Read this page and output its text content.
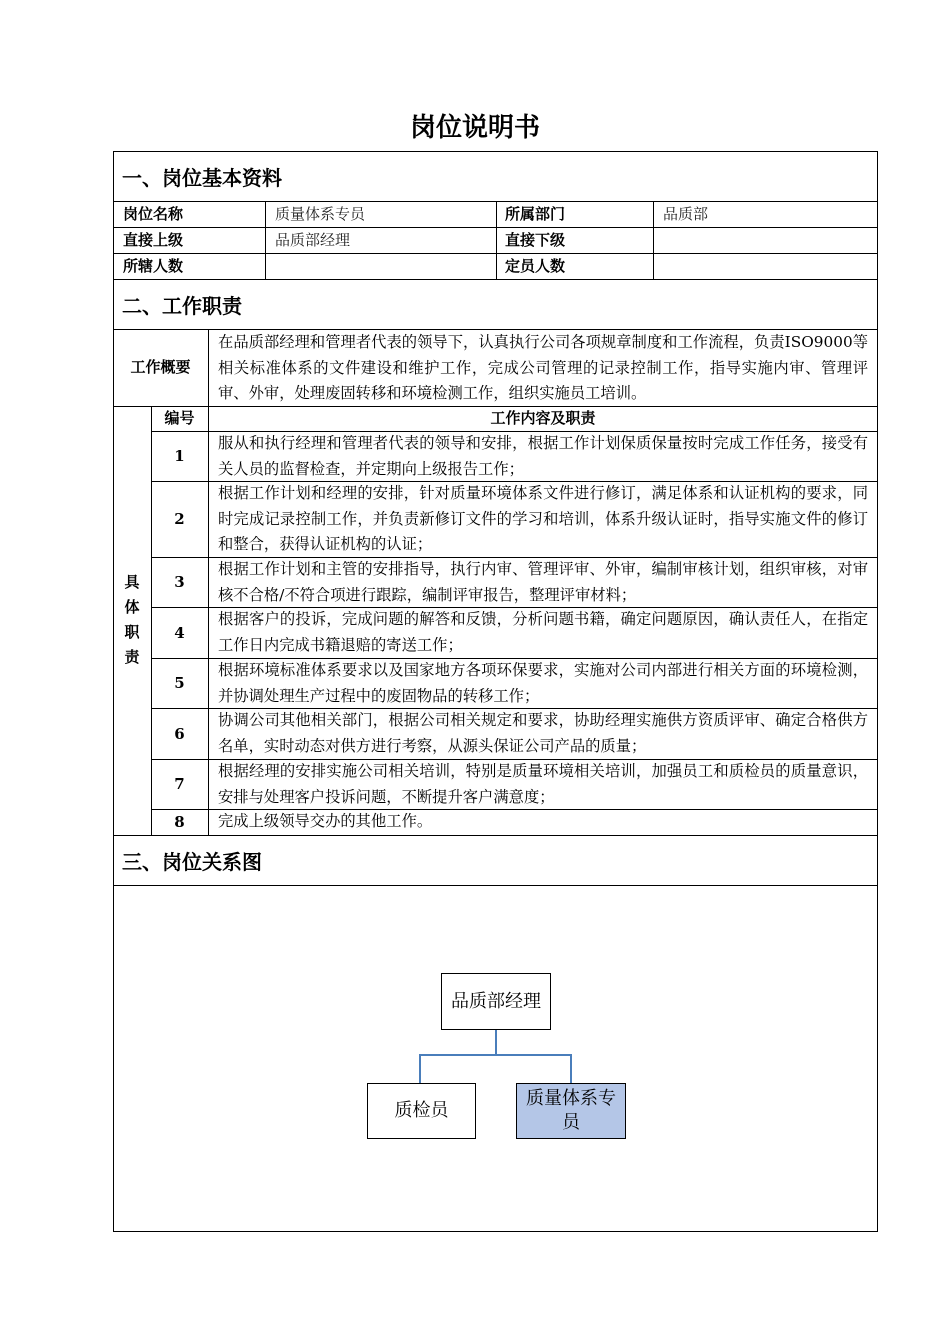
岗位说明书
一、岗位基本资料
岗位名称	质量体系专员	所属部门	品质部
直接上级	品质部经理	直接下级
所辖人数	定员人数
二、工作职责
工作概要
在品质部经理和管理者代表的领导下，认真执行公司各项规章制度和工作流程，负责ISO9000等相关标准体系的文件建设和维护工作，完成公司管理的记录控制工作，指导实施内审、管理评审、外审，处理废固转移和环境检测工作，组织实施员工培训。
具
体
职
责
编号	工作内容及职责
1
服从和执行经理和管理者代表的领导和安排，根据工作计划保质保量按时完成工作任务，接受有关人员的监督检查，并定期向上级报告工作；
2
根据工作计划和经理的安排，针对质量环境体系文件进行修订，满足体系和认证机构的要求，同时完成记录控制工作，并负责新修订文件的学习和培训，体系升级认证时，指导实施文件的修订和整合，获得认证机构的认证；
3
根据工作计划和主管的安排指导，执行内审、管理评审、外审，编制审核计划，组织审核，对审核不合格/不符合项进行跟踪，编制评审报告，整理评审材料；
4
根据客户的投诉，完成问题的解答和反馈，分析问题书籍，确定问题原因，确认责任人，在指定工作日内完成书籍退赔的寄送工作；
5
根据环境标准体系要求以及国家地方各项环保要求，实施对公司内部进行相关方面的环境检测，并协调处理生产过程中的废固物品的转移工作；
6
协调公司其他相关部门，根据公司相关规定和要求，协助经理实施供方资质评审、确定合格供方名单，实时动态对供方进行考察，从源头保证公司产品的质量；
7
根据经理的安排实施公司相关培训，特别是质量环境相关培训，加强员工和质检员的质量意识，安排与处理客户投诉问题，不断提升客户满意度；
8	完成上级领导交办的其他工作。
三、岗位关系图
品质部经理
质检员
质量体系专员
